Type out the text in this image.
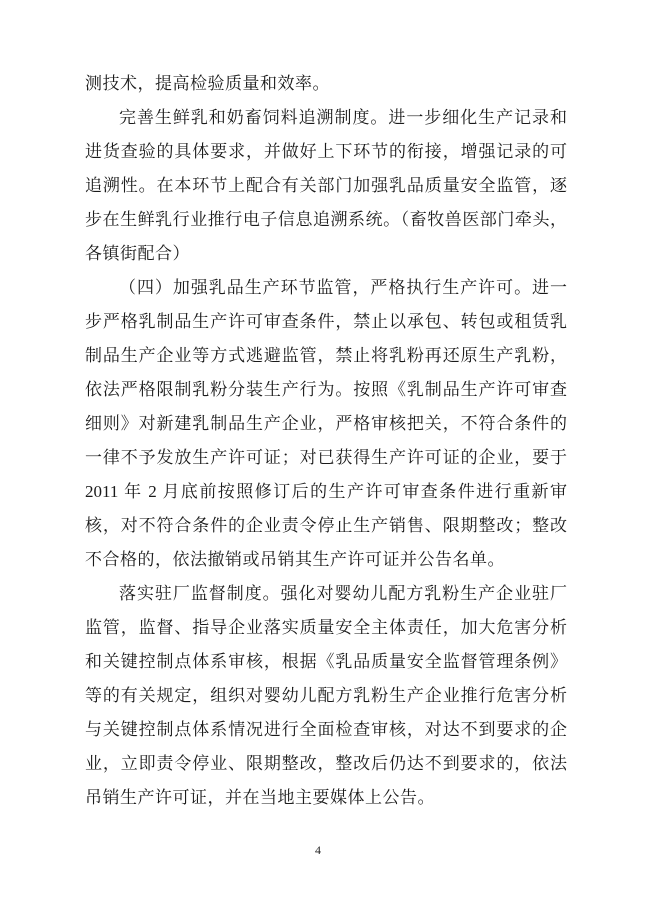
测技术，提高检验质量和效率。
完善生鲜乳和奶畜饲料追溯制度。进一步细化生产记录和
进货查验的具体要求，并做好上下环节的衔接，增强记录的可
追溯性。在本环节上配合有关部门加强乳品质量安全监管，逐
步在生鲜乳行业推行电子信息追溯系统。（畜牧兽医部门牵头，
各镇街配合）
（四）加强乳品生产环节监管，严格执行生产许可。进一
步严格乳制品生产许可审查条件，禁止以承包、转包或租赁乳
制品生产企业等方式逃避监管，禁止将乳粉再还原生产乳粉，
依法严格限制乳粉分装生产行为。按照《乳制品生产许可审查
细则》对新建乳制品生产企业，严格审核把关，不符合条件的
一律不予发放生产许可证；对已获得生产许可证的企业，要于
2011 年 2 月底前按照修订后的生产许可审查条件进行重新审
核，对不符合条件的企业责令停止生产销售、限期整改；整改
不合格的，依法撤销或吊销其生产许可证并公告名单。
落实驻厂监督制度。强化对婴幼儿配方乳粉生产企业驻厂
监管，监督、指导企业落实质量安全主体责任，加大危害分析
和关键控制点体系审核，根据《乳品质量安全监督管理条例》
等的有关规定，组织对婴幼儿配方乳粉生产企业推行危害分析
与关键控制点体系情况进行全面检查审核，对达不到要求的企
业，立即责令停业、限期整改，整改后仍达不到要求的，依法
吊销生产许可证，并在当地主要媒体上公告。
4
